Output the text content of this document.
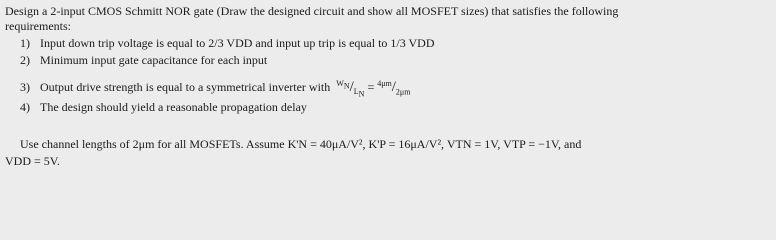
Design a 2-input CMOS Schmitt NOR gate (Draw the designed circuit and show all MOSFET sizes) that satisfies the following
requirements:
1) Input down trip voltage is equal to 2/3 VDD and input up trip is equal to 1/3 VDD
2) Minimum input gate capacitance for each input
3) Output drive strength is equal to a symmetrical inverter with $^{W_N}/_{L_N} = ^{4\mu m}/_{2\mu m}$
4) The design should yield a reasonable propagation delay
Use channel lengths of 2μm for all MOSFETs. Assume K'N = 40μA/V², K'P = 16μA/V², VTN = 1V, VTP = −1V, and
VDD = 5V.
